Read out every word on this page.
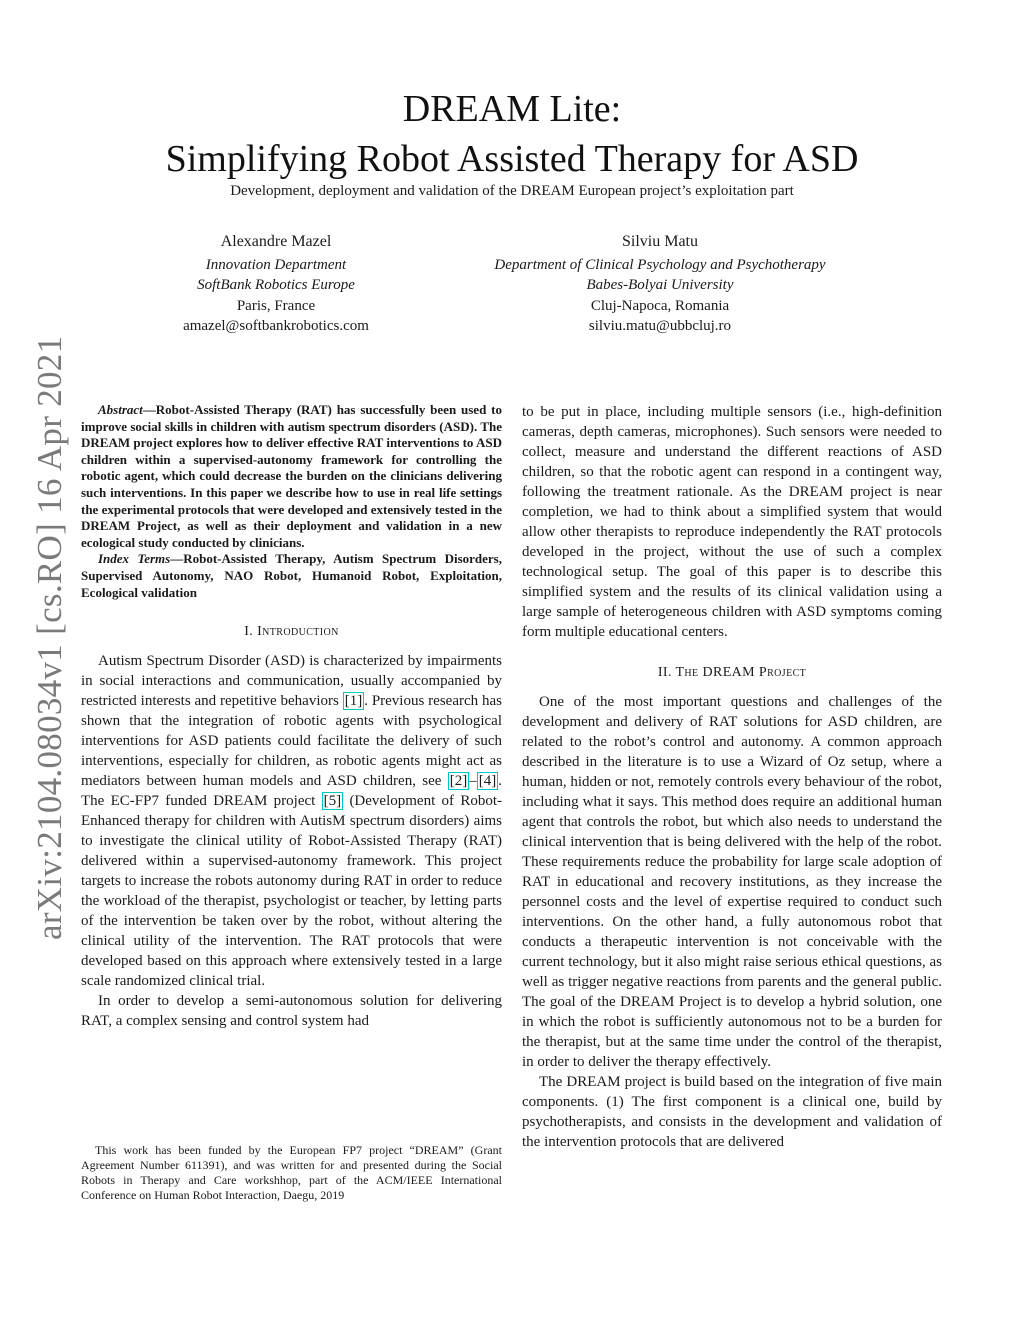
arXiv:2104.08034v1 [cs.RO] 16 Apr 2021
DREAM Lite:
Simplifying Robot Assisted Therapy for ASD
Development, deployment and validation of the DREAM European project’s exploitation part
Alexandre Mazel
Innovation Department
SoftBank Robotics Europe
Paris, France
amazel@softbankrobotics.com
Silviu Matu
Department of Clinical Psychology and Psychotherapy
Babes-Bolyai University
Cluj-Napoca, Romania
silviu.matu@ubbcluj.ro

Abstract—Robot-Assisted Therapy (RAT) has successfully been used to improve social skills in children with autism spectrum disorders (ASD). The DREAM project explores how to deliver effective RAT interventions to ASD children within a supervised-autonomy framework for controlling the robotic agent, which could decrease the burden on the clinicians delivering such interventions. In this paper we describe how to use in real life settings the experimental protocols that were developed and extensively tested in the DREAM Project, as well as their deployment and validation in a new ecological study conducted by clinicians.

Index Terms—Robot-Assisted Therapy, Autism Spectrum Disorders, Supervised Autonomy, NAO Robot, Humanoid Robot, Exploitation, Ecological validation

I. Introduction

Autism Spectrum Disorder (ASD) is characterized by impairments in social interactions and communication, usually accompanied by restricted interests and repetitive behaviors [1] . Previous research has shown that the integration of robotic agents with psychological interventions for ASD patients could facilitate the delivery of such interventions, especially for children, as robotic agents might act as mediators between human models and ASD children, see [2] – [4] . The EC-FP7 funded DREAM project [5] (Development of Robot-Enhanced therapy for children with AutisM spectrum disorders) aims to investigate the clinical utility of Robot-Assisted Therapy (RAT) delivered within a supervised-autonomy framework. This project targets to increase the robots autonomy during RAT in order to reduce the workload of the therapist, psychologist or teacher, by letting parts of the intervention be taken over by the robot, without altering the clinical utility of the intervention. The RAT protocols that were developed based on this approach where extensively tested in a large scale randomized clinical trial.

In order to develop a semi-autonomous solution for delivering RAT, a complex sensing and control system had

to be put in place, including multiple sensors (i.e., high-definition cameras, depth cameras, microphones). Such sensors were needed to collect, measure and understand the different reactions of ASD children, so that the robotic agent can respond in a contingent way, following the treatment rationale. As the DREAM project is near completion, we had to think about a simplified system that would allow other therapists to reproduce independently the RAT protocols developed in the project, without the use of such a complex technological setup. The goal of this paper is to describe this simplified system and the results of its clinical validation using a large sample of heterogeneous children with ASD symptoms coming form multiple educational centers.

II. The DREAM Project

One of the most important questions and challenges of the development and delivery of RAT solutions for ASD children, are related to the robot’s control and autonomy. A common approach described in the literature is to use a Wizard of Oz setup, where a human, hidden or not, remotely controls every behaviour of the robot, including what it says. This method does require an additional human agent that controls the robot, but which also needs to understand the clinical intervention that is being delivered with the help of the robot. These requirements reduce the probability for large scale adoption of RAT in educational and recovery institutions, as they increase the personnel costs and the level of expertise required to conduct such interventions. On the other hand, a fully autonomous robot that conducts a therapeutic intervention is not conceivable with the current technology, but it also might raise serious ethical questions, as well as trigger negative reactions from parents and the general public. The goal of the DREAM Project is to develop a hybrid solution, one in which the robot is sufficiently autonomous not to be a burden for the therapist, but at the same time under the control of the therapist, in order to deliver the therapy effectively.

The DREAM project is build based on the integration of five main components. (1) The first component is a clinical one, build by psychotherapists, and consists in the development and validation of the intervention protocols that are delivered

This work has been funded by the European FP7 project “DREAM” (Grant Agreement Number 611391), and was written for and presented during the Social Robots in Therapy and Care workshhop, part of the ACM/IEEE International Conference on Human Robot Interaction, Daegu, 2019
